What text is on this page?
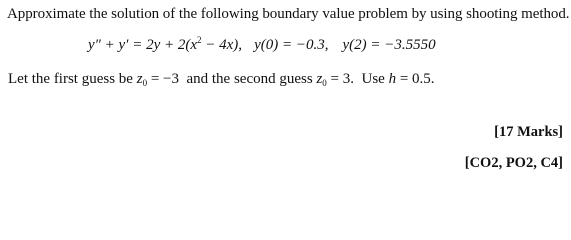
Approximate the solution of the following boundary value problem by using shooting method.
$y'' + y' = 2y + 2(x^2 - 4x)$, y(0) = −0.3, y(2) = −3.5550
Let the first guess be $z_0 = -3$ and the second guess $z_0 = 3$. Use h = 0.5.
[17 Marks]
[CO2, PO2, C4]
